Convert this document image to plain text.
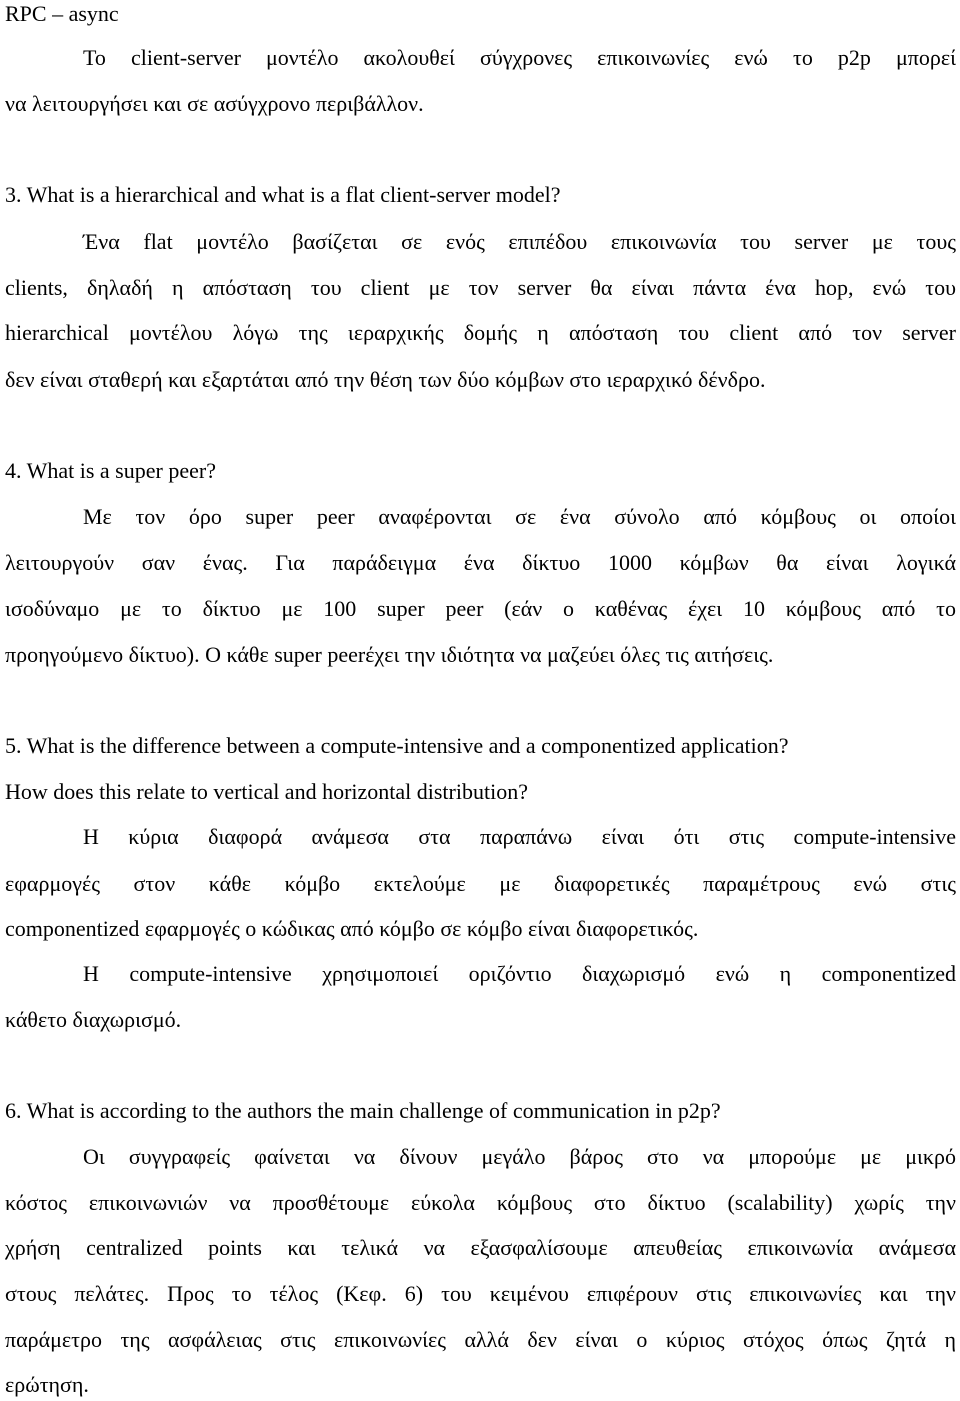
RPC – async
To client-server μοντέλο ακολουθεί σύγχρονες επικοινωνίες ενώ το p2p μπορεί
να λειτουργήσει και σε ασύγχρονο περιβάλλον.
3. What is a hierarchical and what is a flat client-server model?
Ένα flat μοντέλο βασίζεται σε ενός επιπέδου επικοινωνία του server με τους
clients, δηλαδή η απόσταση του client με τον server θα είναι πάντα ένα hop, ενώ του
hierarchical μοντέλου λόγω της ιεραρχικής δομής η απόσταση του client από τον server
δεν είναι σταθερή και εξαρτάται από την θέση των δύο κόμβων στο ιεραρχικό δένδρο.
4. What is a super peer?
Με τον όρο super peer αναφέρονται σε ένα σύνολο από κόμβους οι οποίοι
λειτουργούν σαν ένας. Για παράδειγμα ένα δίκτυο 1000 κόμβων θα είναι λογικά
ισοδύναμο με το δίκτυο με 100 super peer (εάν ο καθένας έχει 10 κόμβους από το
προηγούμενο δίκτυο). Ο κάθε super peerέχει την ιδιότητα να μαζεύει όλες τις αιτήσεις.
5. What is the difference between a compute-intensive and a componentized application?
How does this relate to vertical and horizontal distribution?
Η κύρια διαφορά ανάμεσα στα παραπάνω είναι ότι στις compute-intensive
εφαρμογές στον κάθε κόμβο εκτελούμε με διαφορετικές παραμέτρους ενώ στις
componentized εφαρμογές ο κώδικας από κόμβο σε κόμβο είναι διαφορετικός.
Η compute-intensive χρησιμοποιεί οριζόντιο διαχωρισμό ενώ η componentized
κάθετο διαχωρισμό.
6. What is according to the authors the main challenge of communication in p2p?
Οι συγγραφείς φαίνεται να δίνουν μεγάλο βάρος στο να μπορούμε με μικρό
κόστος επικοινωνιών να προσθέτουμε εύκολα κόμβους στο δίκτυο (scalability) χωρίς την
χρήση centralized points και τελικά να εξασφαλίσουμε απευθείας επικοινωνία ανάμεσα
στους πελάτες. Προς το τέλος (Κεφ. 6) του κειμένου επιφέρουν στις επικοινωνίες και την
παράμετρο της ασφάλειας στις επικοινωνίες αλλά δεν είναι ο κύριος στόχος όπως ζητά η
ερώτηση.
